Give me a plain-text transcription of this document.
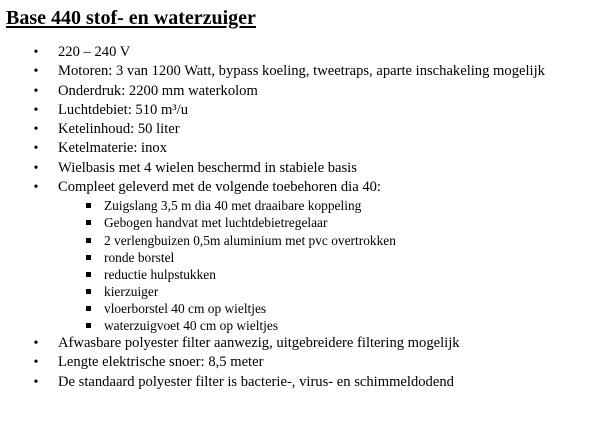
Base 440 stof- en waterzuiger
• 220 – 240 V
• Motoren: 3 van 1200 Watt, bypass koeling, tweetraps, aparte inschakeling mogelijk
• Onderdruk: 2200 mm waterkolom
• Luchtdebiet: 510 m³/u
• Ketelinhoud: 50 liter
• Ketelmaterie: inox
• Wielbasis met 4 wielen beschermd in stabiele basis
• Compleet geleverd met de volgende toebehoren dia 40:
Zuigslang 3,5 m dia 40 met draaibare koppeling
Gebogen handvat met luchtdebietregelaar
2 verlengbuizen 0,5m aluminium met pvc overtrokken
ronde borstel
reductie hulpstukken
kierzuiger
vloerborstel 40 cm op wieltjes
waterzuigvoet 40 cm op wieltjes
• Afwasbare polyester filter aanwezig, uitgebreidere filtering mogelijk
• Lengte elektrische snoer: 8,5 meter
• De standaard polyester filter is bacterie-, virus- en schimmeldodend
